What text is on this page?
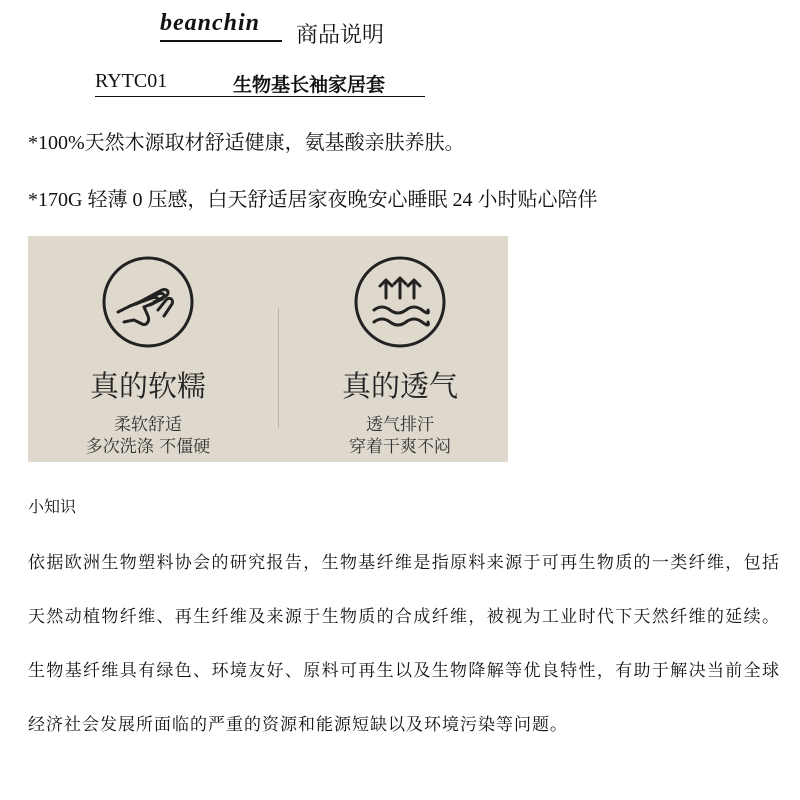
beanchin 商品说明
RYTC01	生物基长袖家居套
*100%天然木源取材舒适健康，氨基酸亲肤养肤。
*170G 轻薄 0 压感，白天舒适居家夜晚安心睡眠 24 小时贴心陪伴
真的软糯
柔软舒适
多次洗涤 不僵硬
真的透气
透气排汗
穿着干爽不闷
小知识

依据欧洲生物塑料协会的研究报告，生物基纤维是指原料来源于可再生物质的一类纤维，包括天然动植物纤维、再生纤维及来源于生物质的合成纤维，被视为工业时代下天然纤维的延续。 生物基纤维具有绿色、环境友好、原料可再生以及生物降解等优良特性，有助于解决当前全球经济社会发展所面临的严重的资源和能源短缺以及环境污染等问题。
